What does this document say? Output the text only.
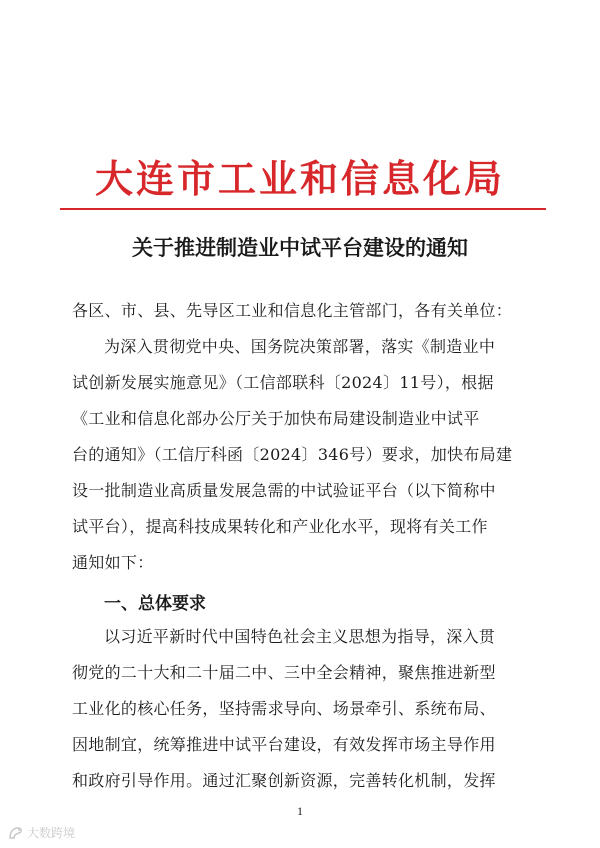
大连市工业和信息化局
关于推进制造业中试平台建设的通知
各区、市、县、先导区工业和信息化主管部门，各有关单位：
为深入贯彻党中央、国务院决策部署，落实《制造业中
试创新发展实施意见》（工信部联科〔2024〕11号），根据
《工业和信息化部办公厅关于加快布局建设制造业中试平
台的通知》（工信厅科函〔2024〕346号）要求，加快布局建
设一批制造业高质量发展急需的中试验证平台（以下简称中
试平台），提高科技成果转化和产业化水平，现将有关工作
通知如下：
一、总体要求
以习近平新时代中国特色社会主义思想为指导，深入贯
彻党的二十大和二十届二中、三中全会精神，聚焦推进新型
工业化的核心任务，坚持需求导向、场景牵引、系统布局、
因地制宜，统筹推进中试平台建设，有效发挥市场主导作用
和政府引导作用。通过汇聚创新资源，完善转化机制，发挥
1
大数跨境
